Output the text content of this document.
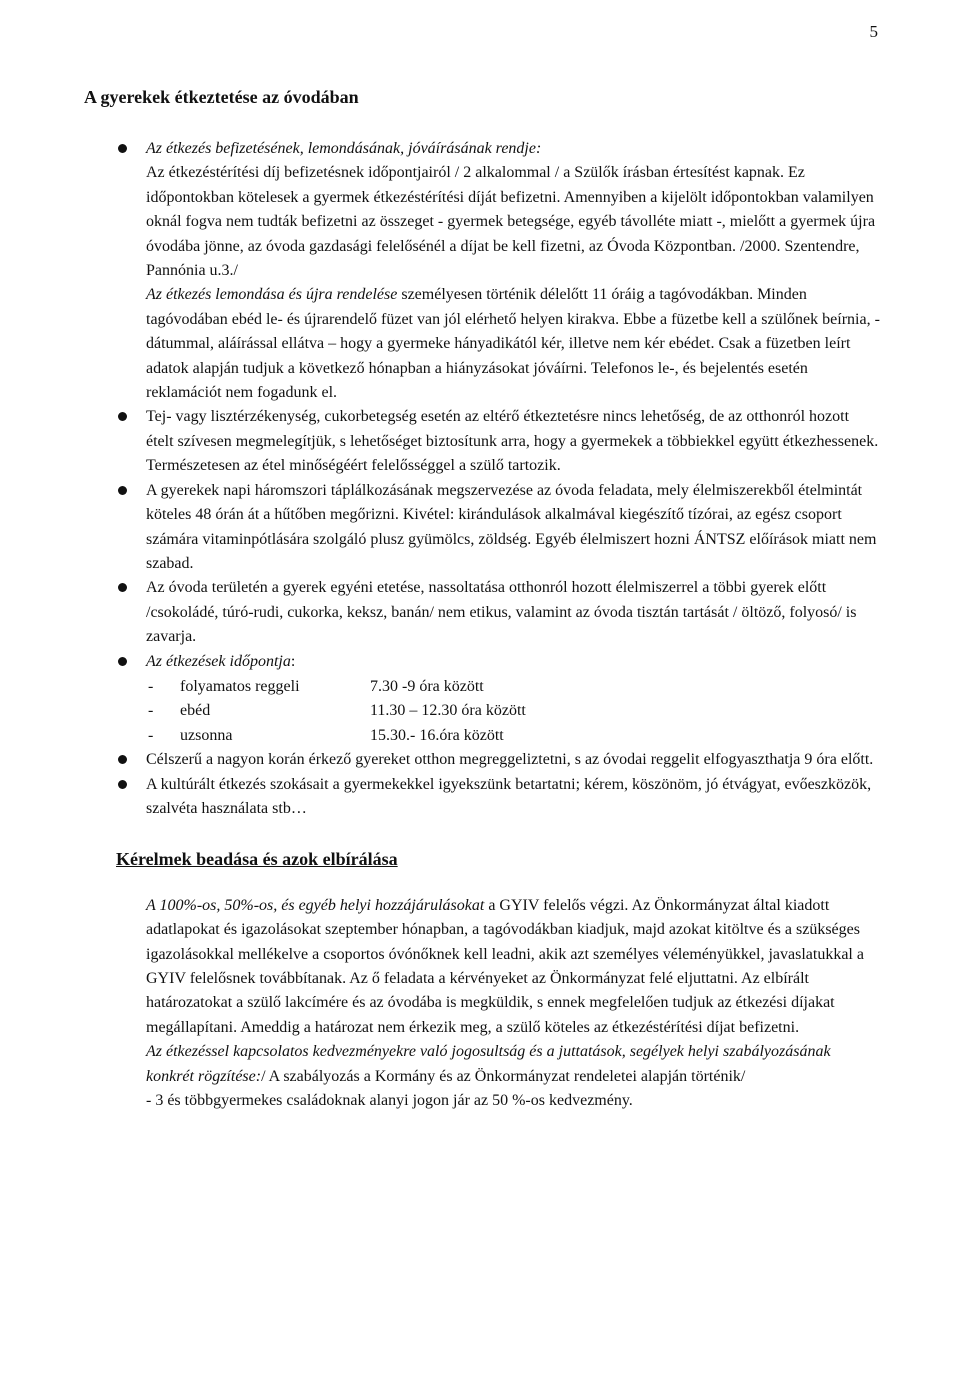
5
A gyerekek étkeztetése az óvodában

Az étkezés befizetésének, lemondásának, jóváírásának rendje:
Az étkezéstérítési díj befizetésnek időpontjairól / 2 alkalommal / a Szülők írásban értesítést kapnak. Ez időpontokban kötelesek a gyermek étkezéstérítési díját befizetni. Amennyiben a kijelölt időpontokban valamilyen oknál fogva nem tudták befizetni az összeget - gyermek betegsége, egyéb távolléte miatt -, mielőtt a gyermek újra óvodába jönne, az óvoda gazdasági felelősénél a díjat be kell fizetni, az Óvoda Központban. /2000. Szentendre, Pannónia u.3./
Az étkezés lemondása és újra rendelése személyesen történik délelőtt 11 óráig a tagóvodákban. Minden tagóvodában ebéd le- és újrarendelő füzet van jól elérhető helyen kirakva. Ebbe a füzetbe kell a szülőnek beírnia, - dátummal, aláírással ellátva – hogy a gyermeke hányadikától kér, illetve nem kér ebédet. Csak a füzetben leírt adatok alapján tudjuk a következő hónapban a hiányzásokat jóváírni. Telefonos le-, és bejelentés esetén reklamációt nem fogadunk el.

Tej- vagy lisztérzékenység, cukorbetegség esetén az eltérő étkeztetésre nincs lehetőség, de az otthonról hozott ételt szívesen megmelegítjük, s lehetőséget biztosítunk arra, hogy a gyermekek a többiekkel együtt étkezhessenek. Természetesen az étel minőségéért felelősséggel a szülő tartozik.

A gyerekek napi háromszori táplálkozásának megszervezése az óvoda feladata, mely élelmiszerekből ételmintát köteles 48 órán át a hűtőben megőrizni. Kivétel: kirándulások alkalmával kiegészítő tízórai, az egész csoport számára vitaminpótlására szolgáló plusz gyümölcs, zöldség. Egyéb élelmiszert hozni ÁNTSZ előírások miatt nem szabad.

Az óvoda területén a gyerek egyéni etetése, nassoltatása otthonról hozott élelmiszerrel a többi gyerek előtt /csokoládé, túró-rudi, cukorka, keksz, banán/ nem etikus, valamint az óvoda tisztán tartását / öltöző, folyosó/ is zavarja.

Az étkezések időpontja:

-	folyamatos reggeli	7.30 -9 óra között
-	ebéd	11.30 – 12.30 óra között
-	uzsonna	15.30.- 16.óra között

Célszerű a nagyon korán érkező gyereket otthon megreggeliztetni, s az óvodai reggelit elfogyaszthatja 9 óra előtt.

A kultúrált étkezés szokásait a gyermekekkel igyekszünk betartatni; kérem, köszönöm, jó étvágyat, evőeszközök, szalvéta használata stb…

Kérelmek beadása és azok elbírálása

A 100%-os, 50%-os, és egyéb helyi hozzájárulásokat a GYIV felelős végzi. Az Önkormányzat által kiadott adatlapokat és igazolásokat szeptember hónapban, a tagóvodákban kiadjuk, majd azokat kitöltve és a szükséges igazolásokkal mellékelve a csoportos óvónőknek kell leadni, akik azt személyes véleményükkel, javaslatukkal a GYIV felelősnek továbbítanak. Az ő feladata a kérvényeket az Önkormányzat felé eljuttatni. Az elbírált határozatokat a szülő lakcímére és az óvodába is megküldik, s ennek megfelelően tudjuk az étkezési díjakat megállapítani. Ameddig a határozat nem érkezik meg, a szülő köteles az étkezéstérítési díjat befizetni.

Az étkezéssel kapcsolatos kedvezményekre való jogosultság és a juttatások, segélyek helyi szabályozásának konkrét rögzítése:/ A szabályozás a Kormány és az Önkormányzat rendeletei alapján történik/

- 3 és többgyermekes családoknak alanyi jogon jár az 50 %-os kedvezmény.
